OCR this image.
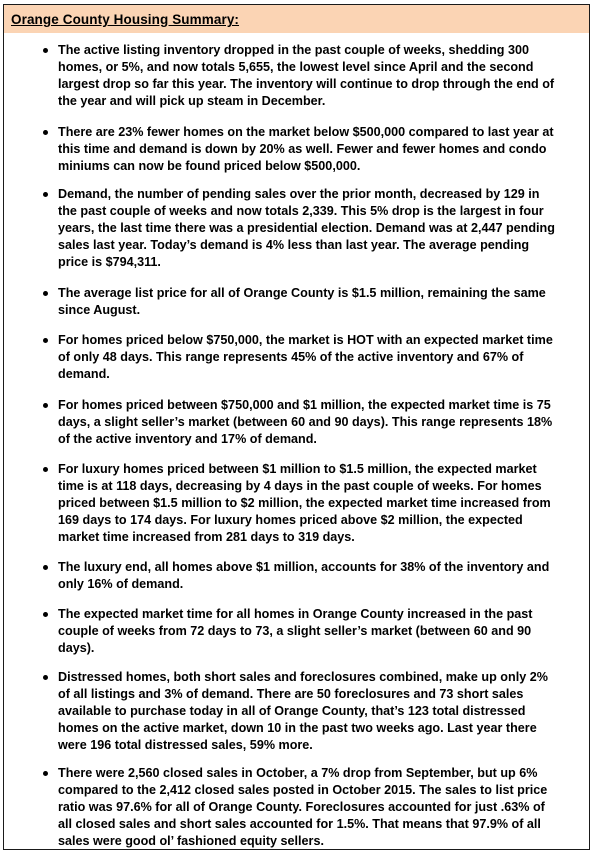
Orange County Housing Summary:
The active listing inventory dropped in the past couple of weeks, shedding 300
homes, or 5%, and now totals 5,655, the lowest level since April and the second
largest drop so far this year. The inventory will continue to drop through the end of
the year and will pick up steam in December.
There are 23% fewer homes on the market below $500,000 compared to last year at
this time and demand is down by 20% as well. Fewer and fewer homes and condo
miniums can now be found priced below $500,000.
Demand, the number of pending sales over the prior month, decreased by 129 in
the past couple of weeks and now totals 2,339. This 5% drop is the largest in four
years, the last time there was a presidential election. Demand was at 2,447 pending
sales last year. Today’s demand is 4% less than last year. The average pending
price is $794,311.
The average list price for all of Orange County is $1.5 million, remaining the same
since August.
For homes priced below $750,000, the market is HOT with an expected market time
of only 48 days. This range represents 45% of the active inventory and 67% of
demand.
For homes priced between $750,000 and $1 million, the expected market time is 75
days, a slight seller’s market (between 60 and 90 days). This range represents 18%
of the active inventory and 17% of demand.
For luxury homes priced between $1 million to $1.5 million, the expected market
time is at 118 days, decreasing by 4 days in the past couple of weeks. For homes
priced between $1.5 million to $2 million, the expected market time increased from
169 days to 174 days. For luxury homes priced above $2 million, the expected
market time increased from 281 days to 319 days.
The luxury end, all homes above $1 million, accounts for 38% of the inventory and
only 16% of demand.
The expected market time for all homes in Orange County increased in the past
couple of weeks from 72 days to 73, a slight seller’s market (between 60 and 90
days).
Distressed homes, both short sales and foreclosures combined, make up only 2%
of all listings and 3% of demand. There are 50 foreclosures and 73 short sales
available to purchase today in all of Orange County, that’s 123 total distressed
homes on the active market, down 10 in the past two weeks ago. Last year there
were 196 total distressed sales, 59% more.
There were 2,560 closed sales in October, a 7% drop from September, but up 6%
compared to the 2,412 closed sales posted in October 2015. The sales to list price
ratio was 97.6% for all of Orange County. Foreclosures accounted for just .63% of
all closed sales and short sales accounted for 1.5%. That means that 97.9% of all
sales were good ol’ fashioned equity sellers.
